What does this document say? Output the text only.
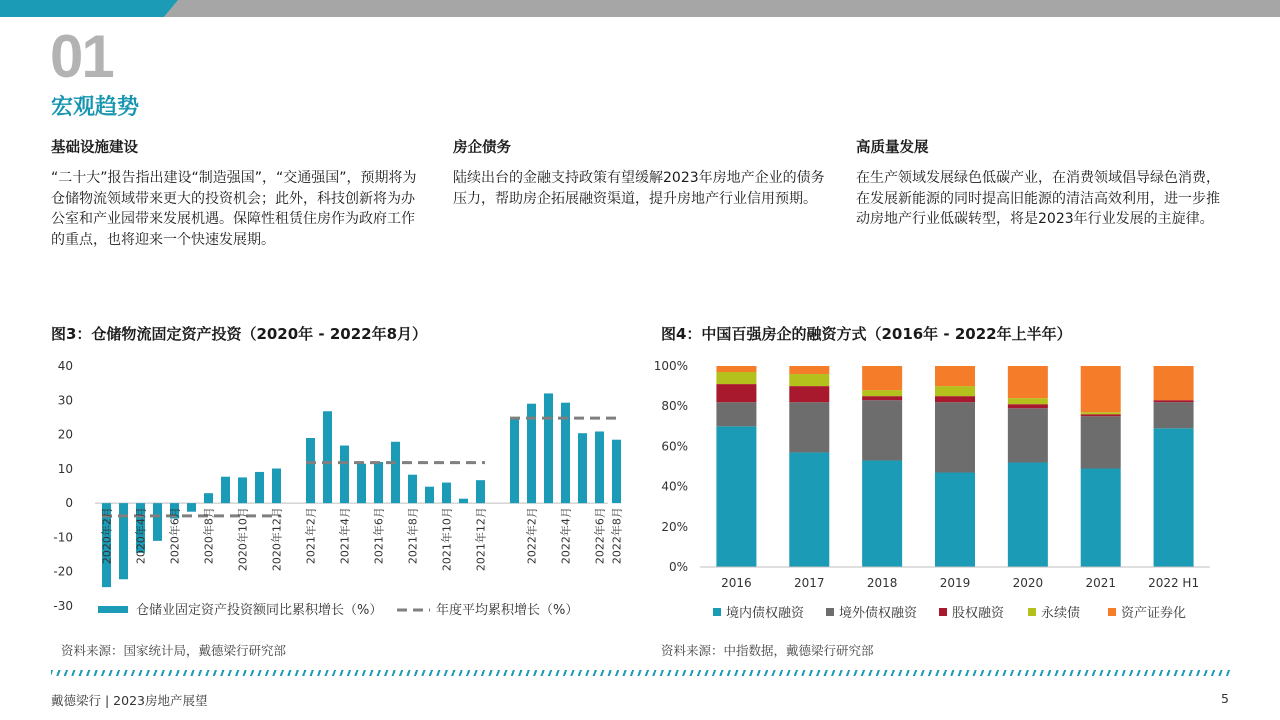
01
宏观趋势
基础设施建设

“二十大”报告指出建设“制造强国”，“交通强国”，预期将为仓储物流领域带来更大的投资机会；此外，科技创新将为办公室和产业园带来发展机遇。保障性租赁住房作为政府工作的重点，也将迎来一个快速发展期。

房企债务

陆续出台的金融支持政策有望缓解2023年房地产企业的债务压力，帮助房企拓展融资渠道，提升房地产行业信用预期。

高质量发展

在生产领域发展绿色低碳产业，在消费领域倡导绿色消费，在发展新能源的同时提高旧能源的清洁高效利用，进一步推动房地产行业低碳转型，将是2023年行业发展的主旋律。

图3：仓储物流固定资产投资（2020年 - 2022年8月）	图4：中国百强房企的融资方式（2016年 - 2022年上半年）
40
30
20
10
0
-10
-20
-30
2020年2月 2020年4月 2020年6月 2020年8月 2020年10月 2020年12月 2021年2月 2021年4月 2021年6月 2021年8月 2021年10月 2021年12月	2022年2月 2022年4月 2022年6月 2022年8月
仓储业固定资产投资额同比累积增长（%）	年度平均累积增长（%）
100%
80%
60%
40%
20%
0%
2016	2017	2018	2019	2020	2021	2022 H1
境内债权融资	境外债权融资	股权融资	永续债	资产证券化
资料来源：国家统计局，戴德梁行研究部	资料来源：中指数据，戴德梁行研究部
戴德梁行 | 2023房地产展望	5
